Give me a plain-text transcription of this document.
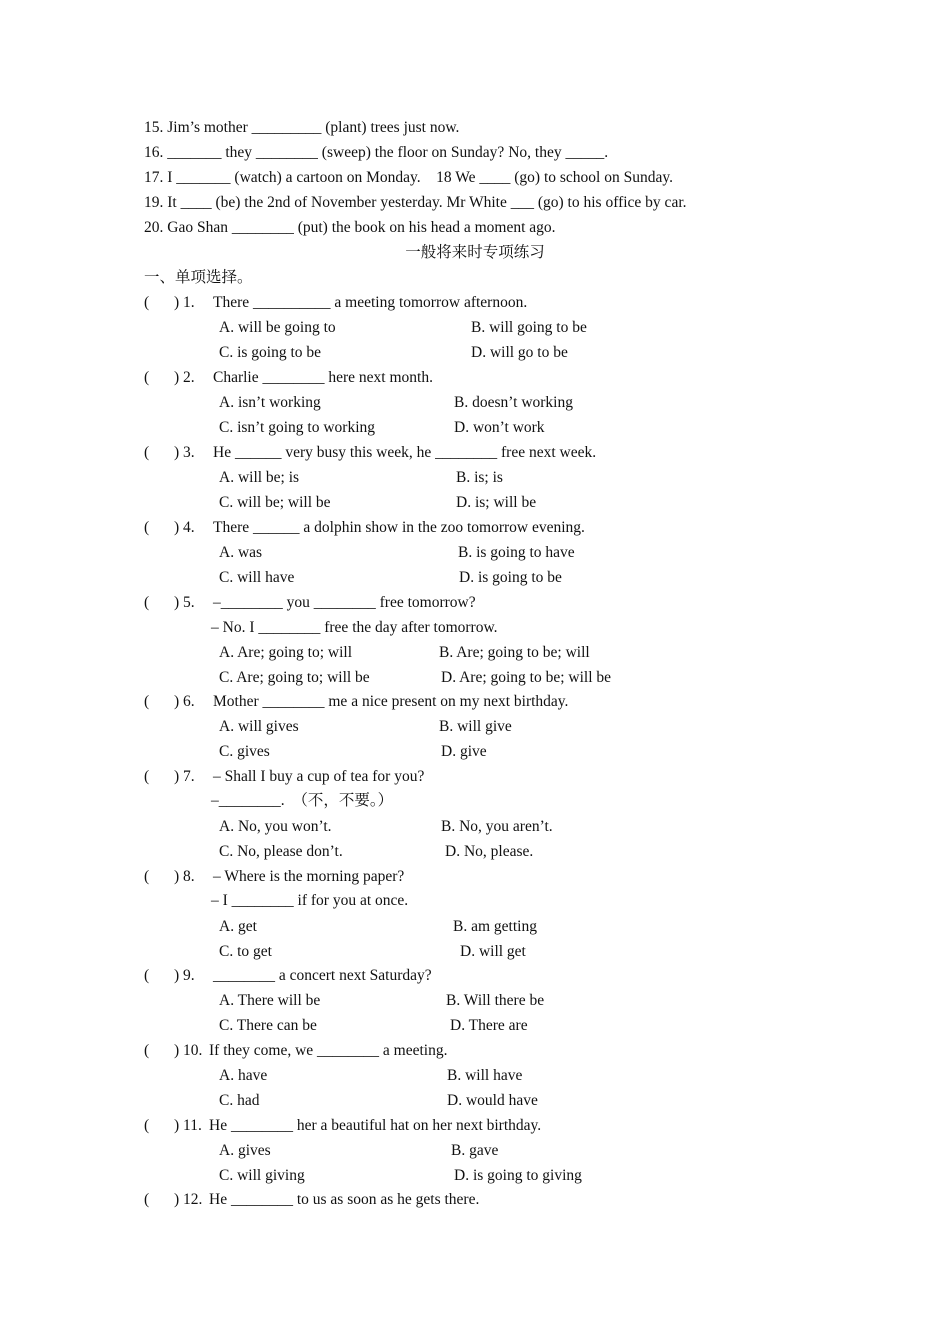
15. Jim’s mother _________ (plant) trees just now.
16. _______ they ________ (sweep) the floor on Sunday? No, they _____.
17. I _______ (watch) a cartoon on Monday.    18 We ____ (go) to school on Sunday.
19. It ____ (be) the 2nd of November yesterday. Mr White ___ (go) to his office by car.
20. Gao Shan ________ (put) the book on his head a moment ago.
一般将来时专项练习
一、单项选择。

(

) 1.

There __________ a meeting tomorrow afternoon.

A. will be going to

	B. will going to be

C. is going to be

	D. will go to be

(

) 2.

Charlie ________ here next month.

A. isn’t working

	B. doesn’t working

C. isn’t going to working

	D. won’t work

(

) 3.

He ______ very busy this week, he ________ free next week.

A. will be; is

	B. is; is

C. will be; will be

	D. is; will be

(

) 4.

There ______ a dolphin show in the zoo tomorrow evening.

A. was

	B. is going to have

C. will have

	D. is going to be

(

) 5.

–________ you ________ free tomorrow?

– No. I ________ free the day after tomorrow.

A. Are; going to; will

	B. Are; going to be; will

C. Are; going to; will be

	D. Are; going to be; will be

(

) 6.

Mother ________ me a nice present on my next birthday.

A. will gives

	B. will give

C. gives

	D. give

(

) 7.

– Shall I buy a cup of tea for you?

–________.  （不，不要。）

A. No, you won’t.

	B. No, you aren’t.

C. No, please don’t.

	D. No, please.

(

) 8.

– Where is the morning paper?

– I ________ if for you at once.

A. get

	B. am getting

C. to get

	D. will get

(

) 9.

________ a concert next Saturday?

A. There will be

	B. Will there be

C. There can be

	D. There are

(

) 10.

If they come, we ________ a meeting.

A. have

	B. will have

C. had

	D. would have

(

) 11.

He ________ her a beautiful hat on her next birthday.

A. gives

	B. gave

C. will giving

	D. is going to giving

(

) 12.

He ________ to us as soon as he gets there.
